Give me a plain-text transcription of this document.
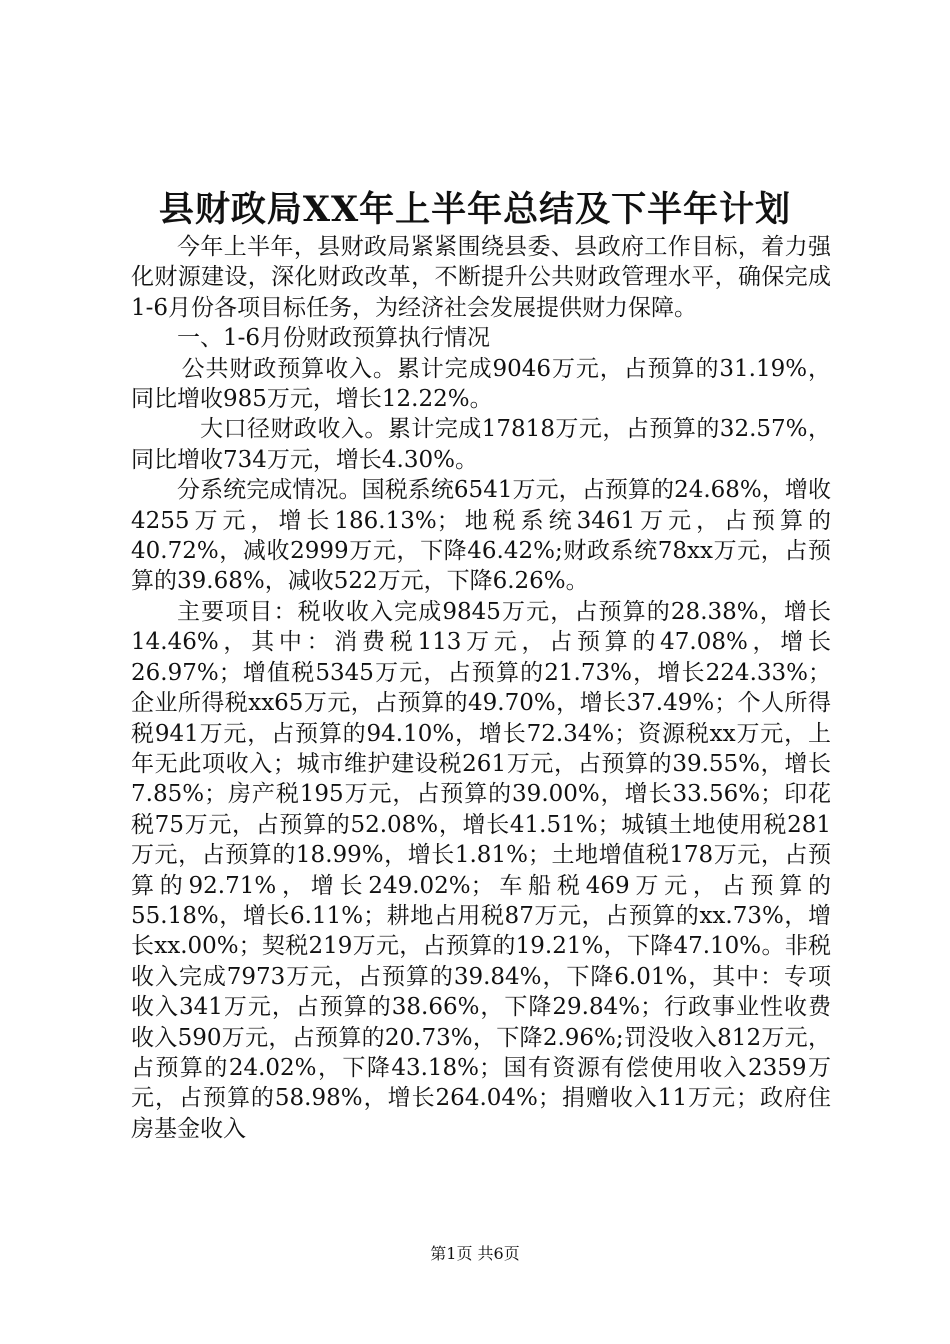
县财政局XX年上半年总结及下半年计划

今年上半年，县财政局紧紧围绕县委、县政府工作目标，着力强化财源建设，深化财政改革，不断提升公共财政管理水平，确保完成1-6月份各项目标任务，为经济社会发展提供财力保障。

一、1-6月份财政预算执行情况

公共财政预算收入。累计完成9046万元，占预算的31.19%，同比增收985万元，增长12.22%。

大口径财政收入。累计完成17818万元，占预算的32.57%，同比增收734万元，增长4.30%。

分系统完成情况。国税系统6541万元，占预算的24.68%，增收4255万元，增长186.13%；地税系统3461万元，占预算的40.72%，减收2999万元，下降46.42%;财政系统78xx万元，占预算的39.68%，减收522万元，下降6.26%。

主要项目：税收收入完成9845万元，占预算的28.38%，增长14.46%，其中：消费税113万元，占预算的47.08%，增长26.97%；增值税5345万元，占预算的21.73%，增长224.33%；企业所得税xx65万元，占预算的49.70%，增长37.49%；个人所得税941万元，占预算的94.10%，增长72.34%；资源税xx万元，上年无此项收入；城市维护建设税261万元，占预算的39.55%，增长7.85%；房产税195万元，占预算的39.00%，增长33.56%；印花税75万元，占预算的52.08%，增长41.51%；城镇土地使用税281万元，占预算的18.99%，增长1.81%；土地增值税178万元，占预算的92.71%，增长249.02%；车船税469万元，占预算的55.18%，增长6.11%；耕地占用税87万元，占预算的xx.73%，增长xx.00%；契税219万元，占预算的19.21%，下降47.10%。非税收入完成7973万元，占预算的39.84%，下降6.01%，其中：专项收入341万元，占预算的38.66%，下降29.84%；行政事业性收费收入590万元，占预算的20.73%，下降2.96%;罚没收入812万元，占预算的24.02%，下降43.18%；国有资源有偿使用收入2359万元，占预算的58.98%，增长264.04%；捐赠收入11万元；政府住房基金收入

第1页 共6页
